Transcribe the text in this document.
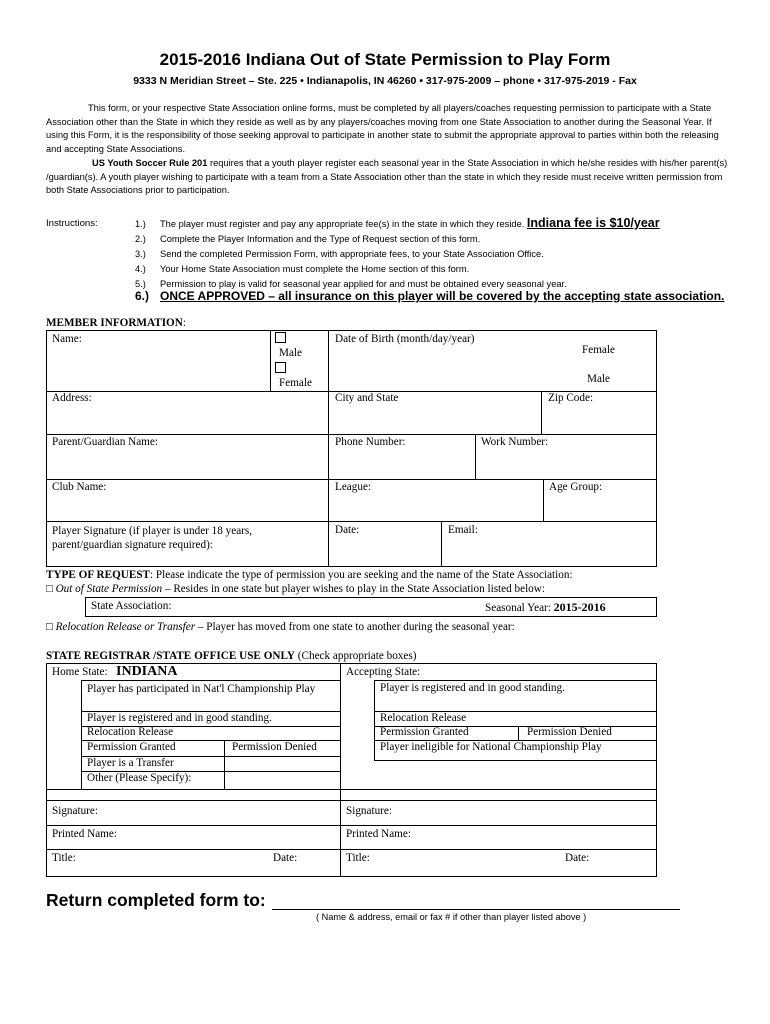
2015-2016 Indiana Out of State Permission to Play Form
9333 N Meridian Street – Ste. 225 • Indianapolis, IN 46260 • 317-975-2009 – phone • 317-975-2019 - Fax

This form, or your respective State Association online forms, must be completed by all players/coaches requesting permission to participate with a State Association other than the State in which they reside as well as by any players/coaches moving from one State Association to another during the Seasonal Year. If using this Form, it is the responsibility of those seeking approval to participate in another state to submit the appropriate approval to parties within both the releasing and accepting State Associations.

US Youth Soccer Rule 201 requires that a youth player register each seasonal year in the State Association in which he/she resides with his/her parent(s) /guardian(s). A youth player wishing to participate with a team from a State Association other than the state in which they reside must receive written permission from both State Associations prior to participation.

Instructions:	1.) The player must register and pay any appropriate fee(s) in the state in which they reside. Indiana fee is $10/year
2.) Complete the Player Information and the Type of Request section of this form.
3.) Send the completed Permission Form, with appropriate fees, to your State Association Office.
4.) Your Home State Association must complete the Home section of this form.
5.) Permission to play is valid for seasonal year applied for and must be obtained every seasonal year.
6.) ONCE APPROVED – all insurance on this player will be covered by the accepting state association.
MEMBER INFORMATION:
Name:
Male
Female
Date of Birth (month/day/year)
Female
Male
Address:	City and State	Zip Code:
Parent/Guardian Name:	Phone Number:	Work Number:
Club Name:	League:	Age Group:
Player Signature (if player is under 18 years,
parent/guardian signature required):
Date:	Email:
TYPE OF REQUEST: Please indicate the type of permission you are seeking and the name of the State Association:
□ Out of State Permission – Resides in one state but player wishes to play in the State Association listed below:
State Association:	Seasonal Year: 2015-2016
□ Relocation Release or Transfer – Player has moved from one state to another during the seasonal year:
STATE REGISTRAR /STATE OFFICE USE ONLY (Check appropriate boxes)
Home State: INDIANA	Accepting State:
Player has participated in Nat'l Championship Play
Player is registered and in good standing.
Relocation Release
Permission Granted	Permission Denied
Player is a Transfer
Other (Please Specify):
Player is registered and in good standing.
Relocation Release
Permission Granted	Permission Denied
Player ineligible for National Championship Play
Signature:	Signature:
Printed Name:	Printed Name:
Title:	Date:	Title:	Date:
Return completed form to:
( Name & address, email or fax # if other than player listed above )
